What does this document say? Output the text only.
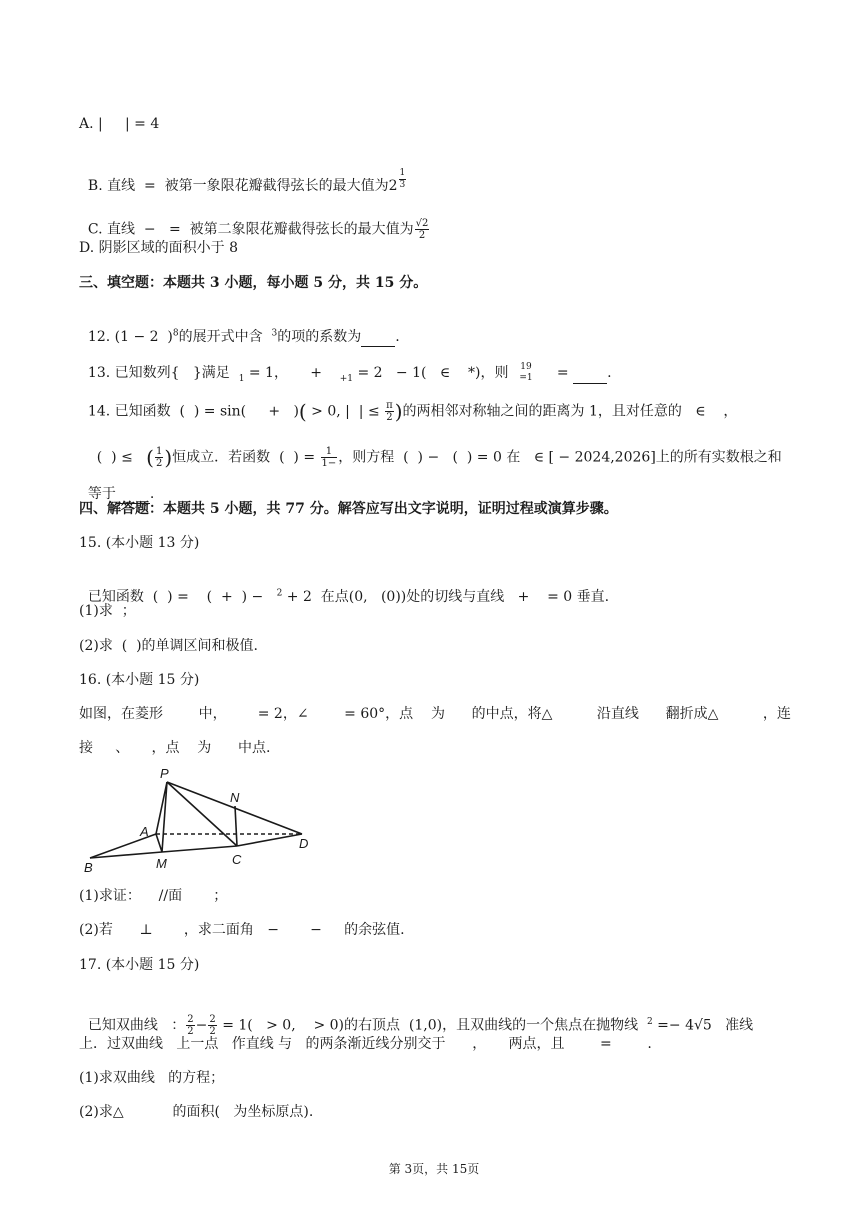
A. |     | = 4

B. 直线  =  被第一象限花瓣截得弦长的最大值为$2 \frac{1}{3}$

C. 直线  −   =  被第二象限花瓣截得弦长的最大值为 $\frac{√2}{2}$

D. 阴影区域的面积小于 8
三、填空题：本题共 3 小题，每小题 5 分，共 15 分。

12. (1 − 2  )$^8$的展开式中含  $^3$的项的系数为 .

13. 已知数列{   }满足  $_1$ = 1，     +    $_{+1}$ = 2   − 1(   ∈    *)，则 19
=1 = .

14. 已知函数  (  ) = sin(     +   )( > 0, |  | ≤ $\frac{\pi}{2}$ )的两相邻对称轴之间的距离为 1，且对任意的   ∈    ，

(  ) ≤   ( $\frac{1}{2}$ )恒成立．若函数  (  ) = $\frac{1}{1-}$ ，则方程  (  ) −   (  ) = 0 在   ∈ [ − 2024,2026]上的所有实数根之和

等于 .

四、解答题：本题共 5 小题，共 77 分。解答应写出文字说明，证明过程或演算步骤。
15. (本小题 13 分)

已知函数  (  ) =    (  +  ) −   $^2$ + 2  在点(0,   (0))处的切线与直线   +    = 0 垂直.

(1)求  ；
(2)求  (  )的单调区间和极值.
16. (本小题 15 分)
如图，在菱形        中，       = 2，∠        = 60°，点    为      的中点，将△          沿直线      翻折成△          ，连
接     、     ，点    为      中点.
P
N
A
D
B	M	C
(1)求证：    //面       ；
(2)若      ⊥       ，求二面角   −       −     的余弦值.
17. (本小题 15 分)

已知双曲线   ： $\frac{2}{2} - \frac{2}{2} = 1( > 0$,    > 0)的右顶点  (1,0)，且双曲线的一个焦点在抛物线  $^2$ =− 4√5   准线

上．过双曲线   上一点   作直线 与   的两条渐近线分别交于      ，     两点，且        =        .
(1)求双曲线   的方程；
(2)求△           的面积(   为坐标原点).
第 3页，共 15页
